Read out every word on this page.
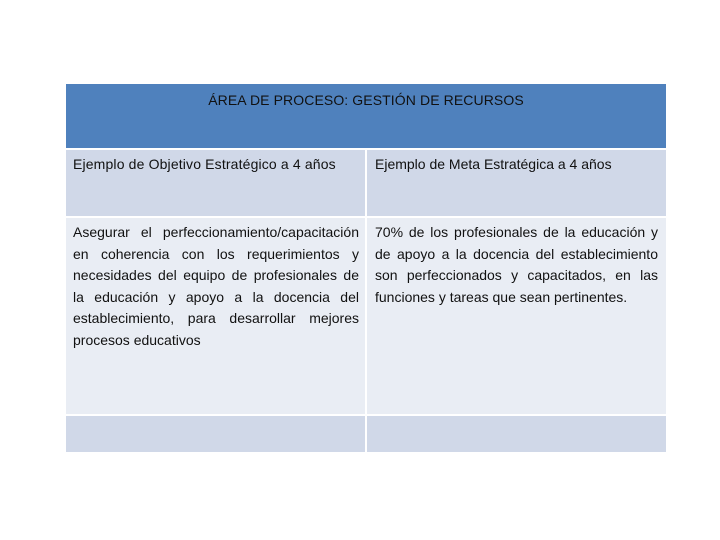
ÁREA DE PROCESO: GESTIÓN DE RECURSOS
Ejemplo de Objetivo Estratégico a 4 años	Ejemplo de Meta Estratégica a 4 años
Asegurar el perfeccionamiento/capacitación en coherencia con los requerimientos y necesidades del equipo de profesionales de la educación y apoyo a la docencia del establecimiento, para desarrollar mejores procesos educativos
70% de los profesionales de la educación y de apoyo a la docencia del establecimiento son perfeccionados y capacitados, en las funciones y tareas que sean pertinentes.
